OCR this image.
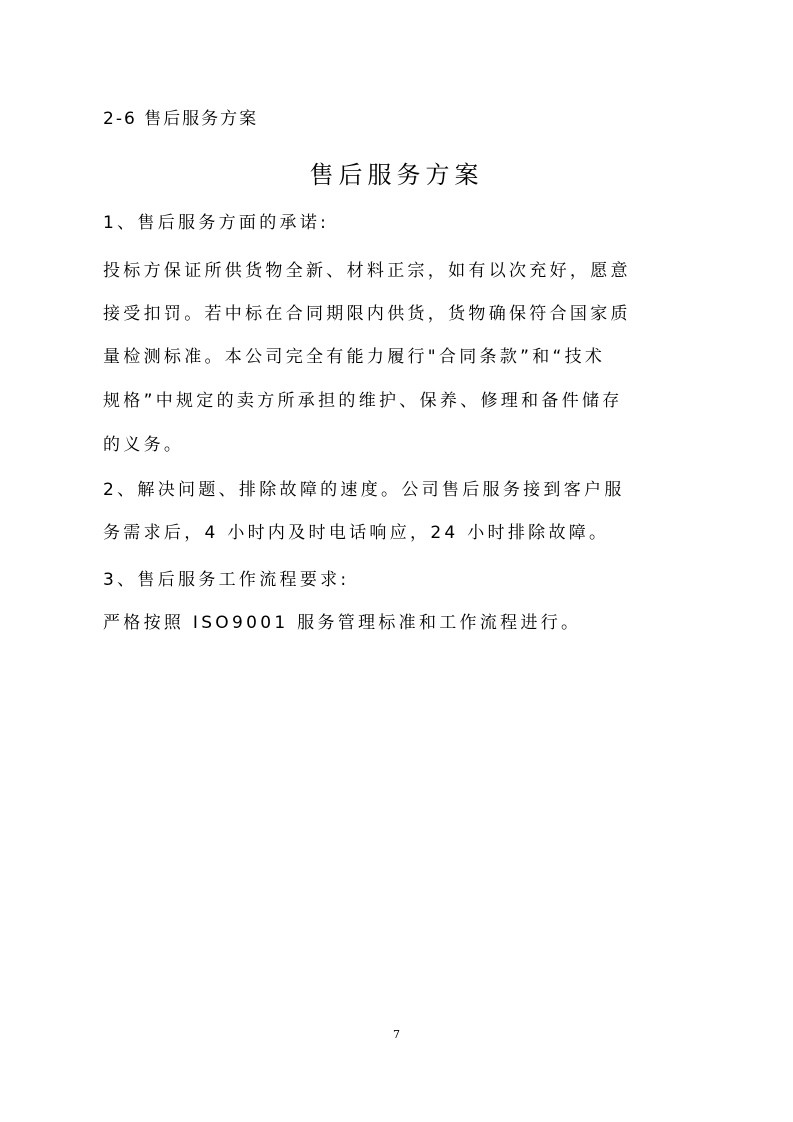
2-6 售后服务方案
售后服务方案
1、售后服务方面的承诺:
投标方保证所供货物全新、材料正宗，如有以次充好，愿意
接受扣罚。若中标在合同期限内供货，货物确保符合国家质
量检测标准。本公司完全有能力履行"合同条款”和“技术
规格”中规定的卖方所承担的维护、保养、修理和备件储存
的义务。
2、解决问题、排除故障的速度。公司售后服务接到客户服
务需求后，4 小时内及时电话响应，24 小时排除故障。
3、售后服务工作流程要求:
严格按照 ISO9001 服务管理标准和工作流程进行。
7
